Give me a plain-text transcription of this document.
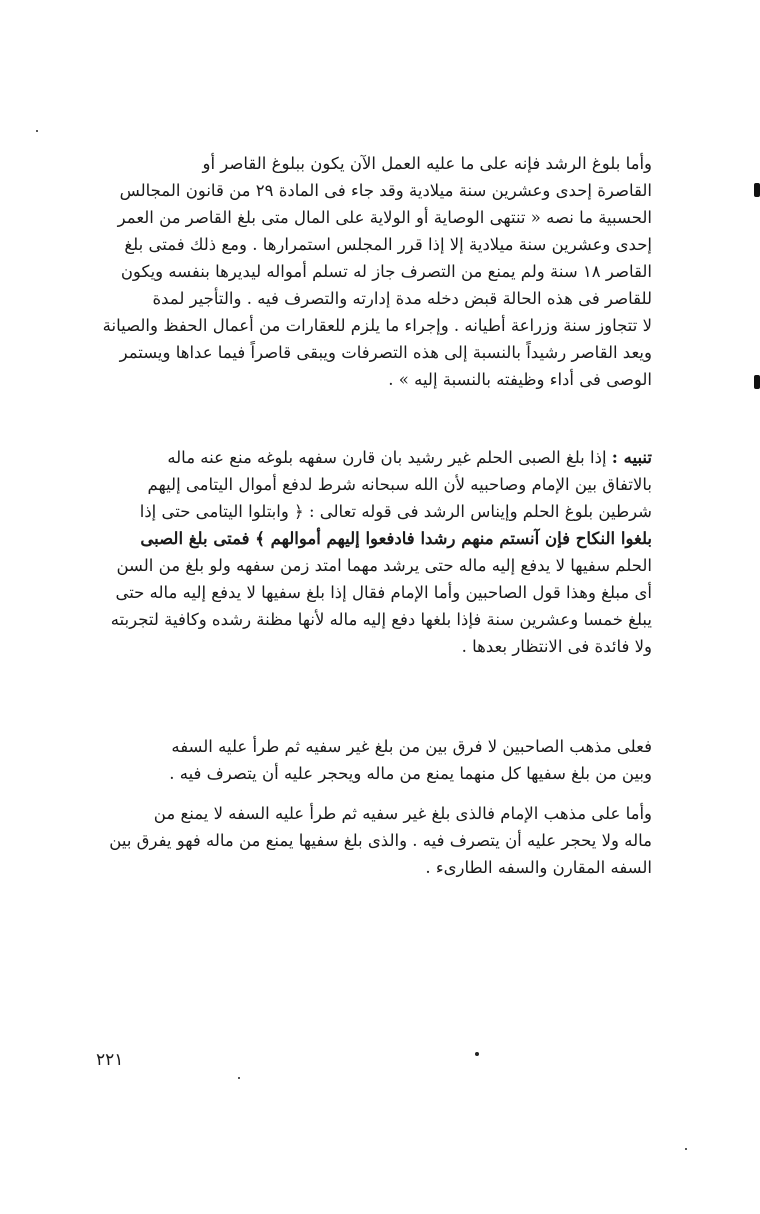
وأما بلوغ الرشد فإنه على ما عليه العمل الآن يكون ببلوغ القاصر أو
القاصرة إحدى وعشرين سنة ميلادية وقد جاء فى المادة ٢٩ من قانون المجالس
الحسبية ما نصه « تنتهى الوصاية أو الولاية على المال متى بلغ القاصر من العمر
إحدى وعشرين سنة ميلادية إلا إذا قرر المجلس استمرارها . ومع ذلك فمتى بلغ
القاصر ١٨ سنة ولم يمنع من التصرف جاز له تسلم أمواله ليديرها بنفسه ويكون
للقاصر فى هذه الحالة قبض دخله مدة إدارته والتصرف فيه . والتأجير لمدة
لا تتجاوز سنة وزراعة أطيانه . وإجراء ما يلزم للعقارات من أعمال الحفظ والصيانة
ويعد القاصر رشيداً بالنسبة إلى هذه التصرفات ويبقى قاصراً فيما عداها ويستمر
الوصى فى أداء وظيفته بالنسبة إليه » .
تنبيه : إذا بلغ الصبى الحلم غير رشيد بان قارن سفهه بلوغه منع عنه ماله
بالاتفاق بين الإمام وصاحبيه لأن الله سبحانه شرط لدفع أموال اليتامى إليهم
شرطين بلوغ الحلم وإيناس الرشد فى قوله تعالى : ﴿ وابتلوا اليتامى حتى إذا
بلغوا النكاح فإن آنستم منهم رشدا فادفعوا إليهم أموالهم ﴾ فمتى بلغ الصبى
الحلم سفيها لا يدفع إليه ماله حتى يرشد مهما امتد زمن سفهه ولو بلغ من السن
أى مبلغ وهذا قول الصاحبين وأما الإمام فقال إذا بلغ سفيها لا يدفع إليه ماله حتى
يبلغ خمسا وعشرين سنة فإذا بلغها دفع إليه ماله لأنها مظنة رشده وكافية لتجربته
ولا فائدة فى الانتظار بعدها .
فعلى مذهب الصاحبين لا فرق بين من بلغ غير سفيه ثم طرأ عليه السفه
وبين من بلغ سفيها كل منهما يمنع من ماله ويحجر عليه أن يتصرف فيه .
وأما على مذهب الإمام فالذى بلغ غير سفيه ثم طرأ عليه السفه لا يمنع من
ماله ولا يحجر عليه أن يتصرف فيه . والذى بلغ سفيها يمنع من ماله فهو يفرق بين
السفه المقارن والسفه الطارىء .
٢٢١
